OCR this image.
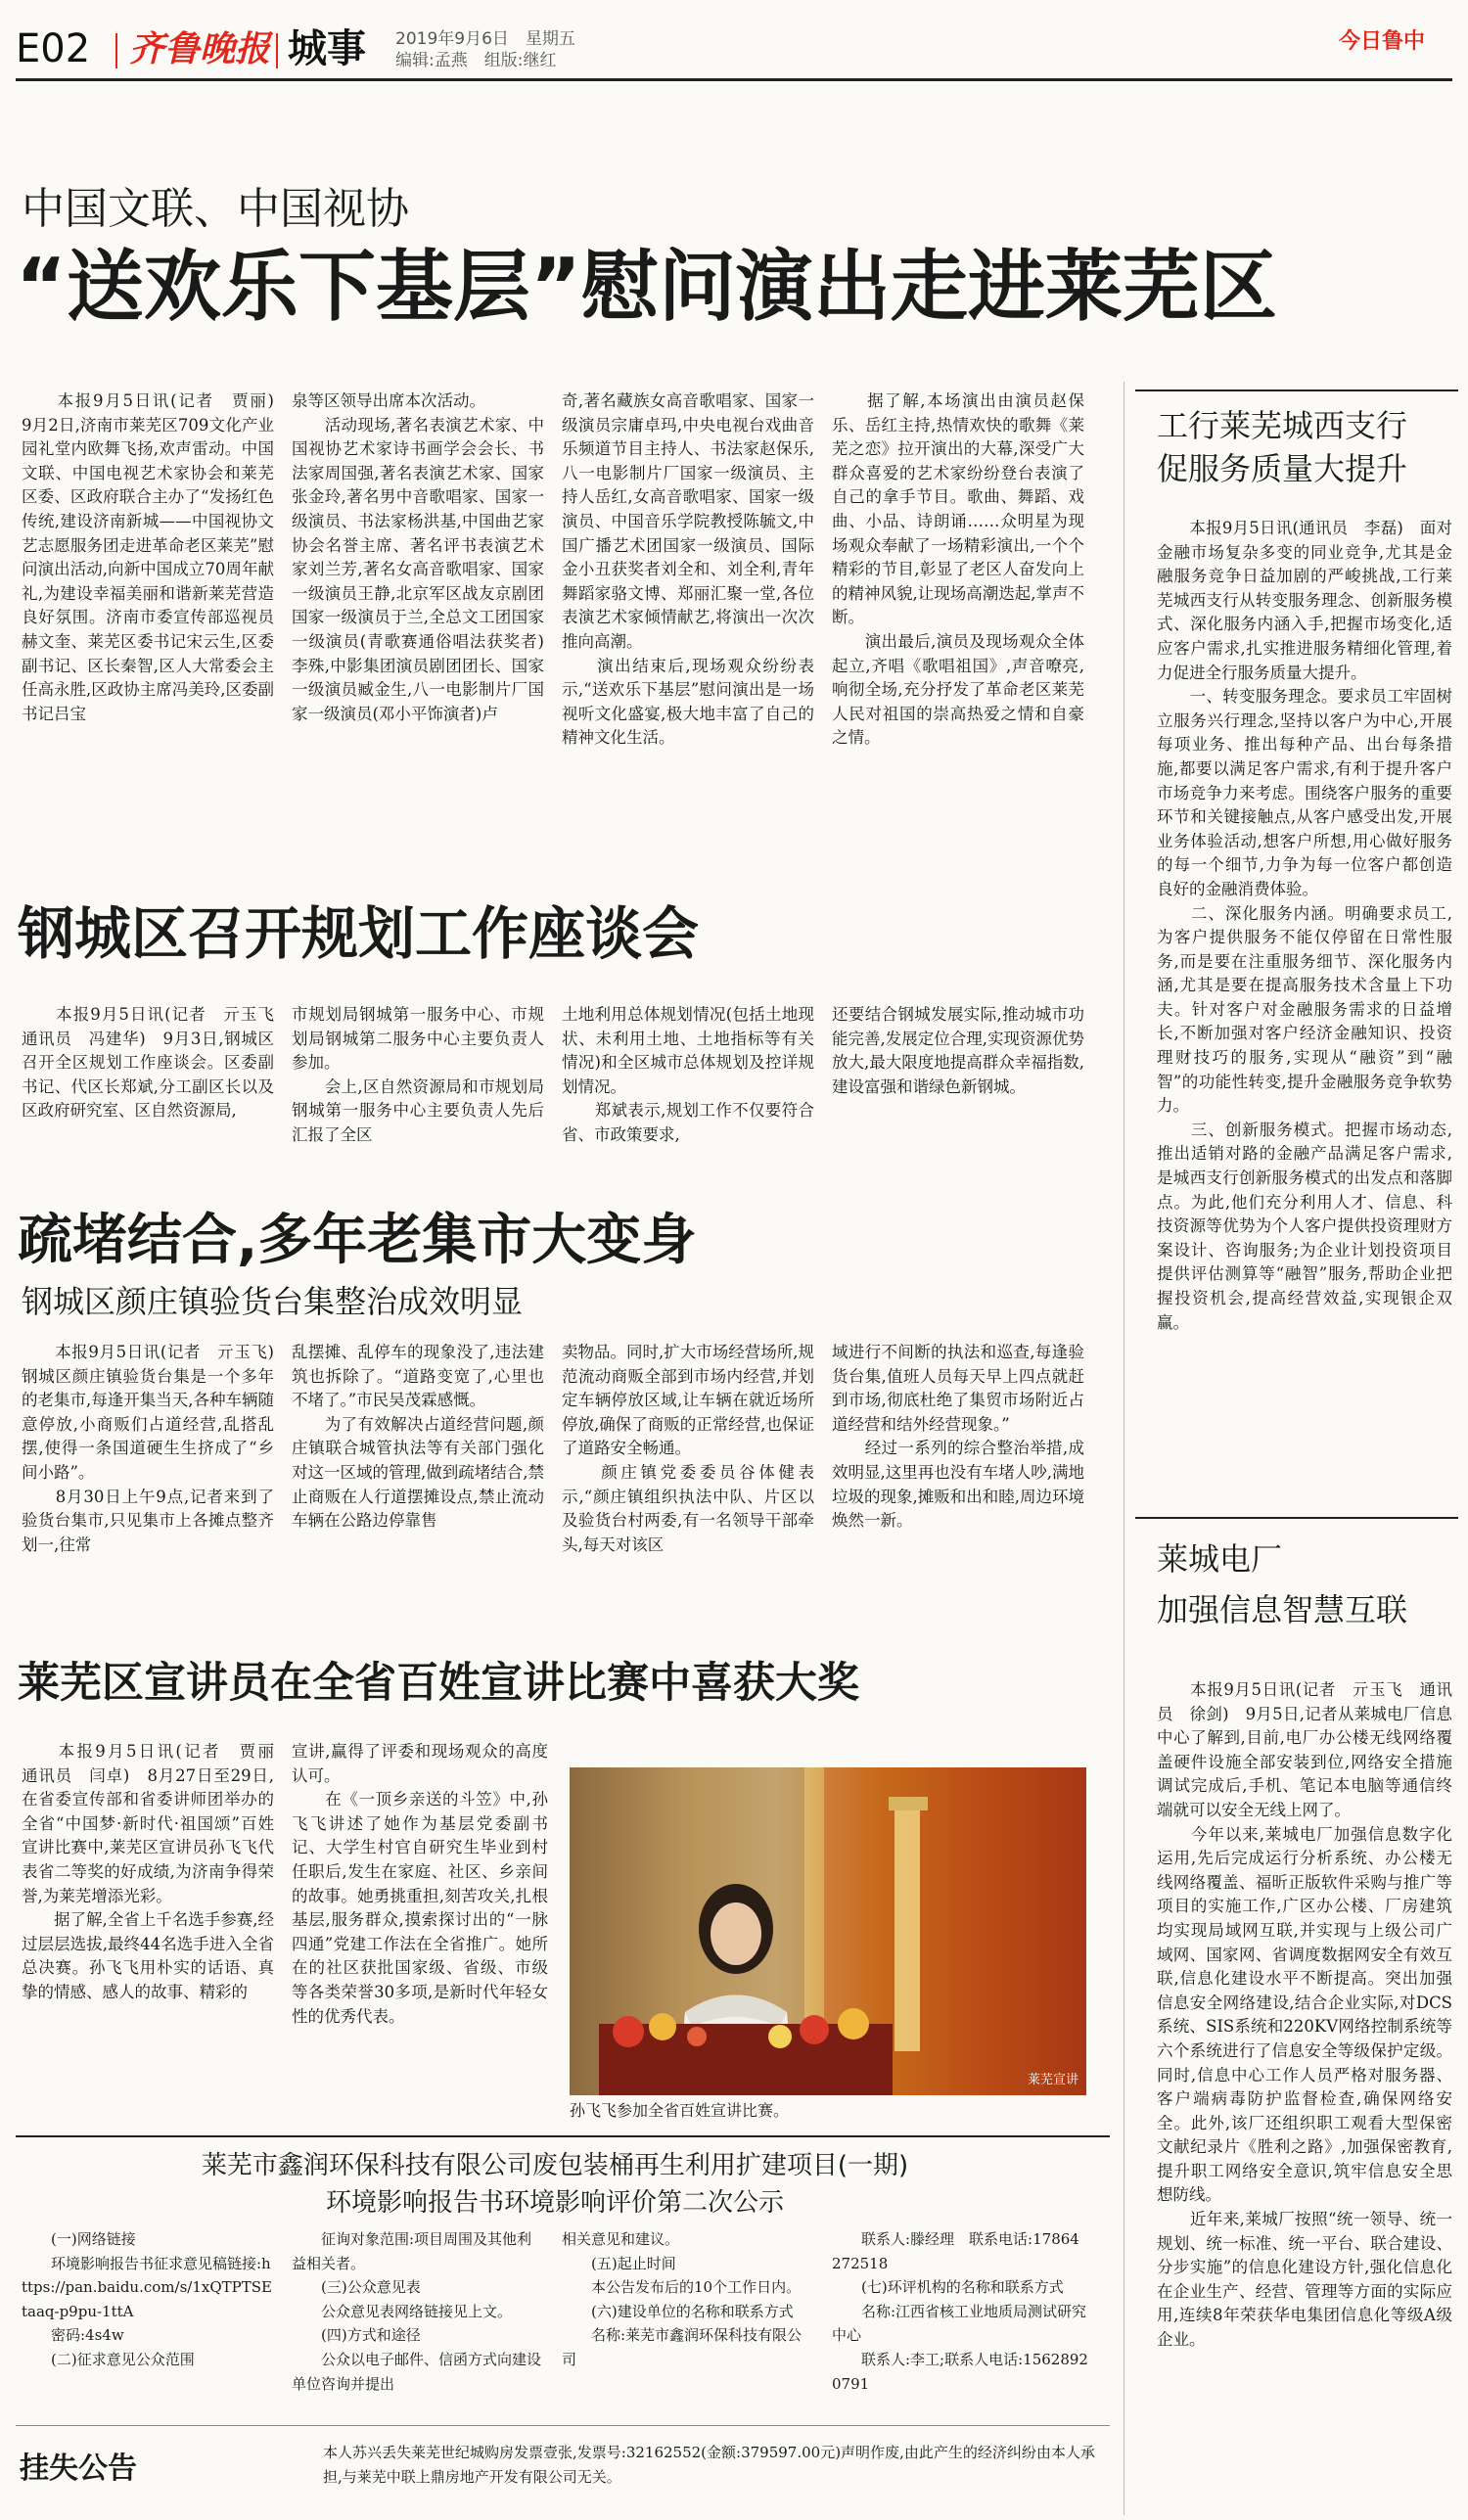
E02 齐鲁晚报 城事 2019年9月6日　星期五
编辑:孟燕　组版:继红
今日鲁中
中国文联、中国视协
“送欢乐下基层”慰问演出走进莱芜区
　　本报9月5日讯(记者　贾丽)　9月2日,济南市莱芜区709文化产业园礼堂内欧舞飞扬,欢声雷动。中国文联、中国电视艺术家协会和莱芜区委、区政府联合主办了“发扬红色传统,建设济南新城——中国视协文艺志愿服务团走进革命老区莱芜”慰问演出活动,向新中国成立70周年献礼,为建设幸福美丽和谐新莱芜营造良好氛围。济南市委宣传部巡视员赫文奎、莱芜区委书记宋云生,区委副书记、区长秦智,区人大常委会主任高永胜,区政协主席冯美玲,区委副书记吕宝
泉等区领导出席本次活动。
　　活动现场,著名表演艺术家、中国视协艺术家诗书画学会会长、书法家周国强,著名表演艺术家、国家张金玲,著名男中音歌唱家、国家一级演员、书法家杨洪基,中国曲艺家协会名誉主席、著名评书表演艺术家刘兰芳,著名女高音歌唱家、国家一级演员王静,北京军区战友京剧团国家一级演员于兰,全总文工团国家一级演员(青歌赛通俗唱法获奖者)李殊,中影集团演员剧团团长、国家一级演员臧金生,八一电影制片厂国家一级演员(邓小平饰演者)卢
奇,著名藏族女高音歌唱家、国家一级演员宗庸卓玛,中央电视台戏曲音乐频道节目主持人、书法家赵保乐,八一电影制片厂国家一级演员、主持人岳红,女高音歌唱家、国家一级演员、中国音乐学院教授陈毓文,中国广播艺术团国家一级演员、国际金小丑获奖者刘全和、刘全利,青年舞蹈家骆文博、郑丽汇聚一堂,各位表演艺术家倾情献艺,将演出一次次推向高潮。
　　演出结束后,现场观众纷纷表示,“送欢乐下基层”慰问演出是一场视听文化盛宴,极大地丰富了自己的精神文化生活。
　　据了解,本场演出由演员赵保乐、岳红主持,热情欢快的歌舞《莱芜之恋》拉开演出的大幕,深受广大群众喜爱的艺术家纷纷登台表演了自己的拿手节目。歌曲、舞蹈、戏曲、小品、诗朗诵……众明星为现场观众奉献了一场精彩演出,一个个精彩的节目,彰显了老区人奋发向上的精神风貌,让现场高潮迭起,掌声不断。
　　演出最后,演员及现场观众全体起立,齐唱《歌唱祖国》,声音嘹亮,响彻全场,充分抒发了革命老区莱芜人民对祖国的崇高热爱之情和自豪之情。
钢城区召开规划工作座谈会
　　本报9月5日讯(记者　亓玉飞　通讯员　冯建华)　9月3日,钢城区召开全区规划工作座谈会。区委副书记、代区长郑斌,分工副区长以及区政府研究室、区自然资源局,
市规划局钢城第一服务中心、市规划局钢城第二服务中心主要负责人参加。
　　会上,区自然资源局和市规划局钢城第一服务中心主要负责人先后汇报了全区
土地利用总体规划情况(包括土地现状、未利用土地、土地指标等有关情况)和全区城市总体规划及控详规划情况。
　　郑斌表示,规划工作不仅要符合省、市政策要求,
还要结合钢城发展实际,推动城市功能完善,发展定位合理,实现资源优势放大,最大限度地提高群众幸福指数,建设富强和谐绿色新钢城。
疏堵结合,多年老集市大变身
钢城区颜庄镇验货台集整治成效明显
　　本报9月5日讯(记者　亓玉飞)　钢城区颜庄镇验货台集是一个多年的老集市,每逢开集当天,各种车辆随意停放,小商贩们占道经营,乱搭乱摆,使得一条国道硬生生挤成了“乡间小路”。
　　8月30日上午9点,记者来到了验货台集市,只见集市上各摊点整齐划一,往常
乱摆摊、乱停车的现象没了,违法建筑也拆除了。“道路变宽了,心里也不堵了。”市民吴茂霖感慨。
　　为了有效解决占道经营问题,颜庄镇联合城管执法等有关部门强化对这一区域的管理,做到疏堵结合,禁止商贩在人行道摆摊设点,禁止流动车辆在公路边停靠售
卖物品。同时,扩大市场经营场所,规范流动商贩全部到市场内经营,并划定车辆停放区域,让车辆在就近场所停放,确保了商贩的正常经营,也保证了道路安全畅通。
　　颜庄镇党委委员谷体健表示,“颜庄镇组织执法中队、片区以及验货台村两委,有一名领导干部牵头,每天对该区
域进行不间断的执法和巡查,每逢验货台集,值班人员每天早上四点就赶到市场,彻底杜绝了集贸市场附近占道经营和结外经营现象。”
　　经过一系列的综合整治举措,成效明显,这里再也没有车堵人吵,满地垃圾的现象,摊贩和出和睦,周边环境焕然一新。
莱芜区宣讲员在全省百姓宣讲比赛中喜获大奖
　　本报9月5日讯(记者　贾丽　通讯员　闫卓)　8月27日至29日,在省委宣传部和省委讲师团举办的全省“中国梦·新时代·祖国颂”百姓宣讲比赛中,莱芜区宣讲员孙飞飞代表省二等奖的好成绩,为济南争得荣誉,为莱芜增添光彩。
　　据了解,全省上千名选手参赛,经过层层选拔,最终44名选手进入全省总决赛。孙飞飞用朴实的话语、真挚的情感、感人的故事、精彩的
宣讲,赢得了评委和现场观众的高度认可。
　　在《一顶乡亲送的斗笠》中,孙飞飞讲述了她作为基层党委副书记、大学生村官自研究生毕业到村任职后,发生在家庭、社区、乡亲间的故事。她勇挑重担,刻苦攻关,扎根基层,服务群众,摸索探讨出的“一脉四通”党建工作法在全省推广。她所在的社区获批国家级、省级、市级等各类荣誉30多项,是新时代年轻女性的优秀代表。
莱芜宣讲
孙飞飞参加全省百姓宣讲比赛。
工行莱芜城西支行
促服务质量大提升
　　本报9月5日讯(通讯员　李磊)　面对金融市场复杂多变的同业竞争,尤其是金融服务竞争日益加剧的严峻挑战,工行莱芜城西支行从转变服务理念、创新服务模式、深化服务内涵入手,把握市场变化,适应客户需求,扎实推进服务精细化管理,着力促进全行服务质量大提升。
　　一、转变服务理念。要求员工牢固树立服务兴行理念,坚持以客户为中心,开展每项业务、推出每种产品、出台每条措施,都要以满足客户需求,有利于提升客户市场竞争力来考虑。围绕客户服务的重要环节和关键接触点,从客户感受出发,开展业务体验活动,想客户所想,用心做好服务的每一个细节,力争为每一位客户都创造良好的金融消费体验。
　　二、深化服务内涵。明确要求员工,为客户提供服务不能仅停留在日常性服务,而是要在注重服务细节、深化服务内涵,尤其是要在提高服务技术含量上下功夫。针对客户对金融服务需求的日益增长,不断加强对客户经济金融知识、投资理财技巧的服务,实现从“融资”到“融智”的功能性转变,提升金融服务竞争软势力。
　　三、创新服务模式。把握市场动态,推出适销对路的金融产品满足客户需求,是城西支行创新服务模式的出发点和落脚点。为此,他们充分利用人才、信息、科技资源等优势为个人客户提供投资理财方案设计、咨询服务;为企业计划投资项目提供评估测算等“融智”服务,帮助企业把握投资机会,提高经营效益,实现银企双赢。
莱城电厂
加强信息智慧互联
　　本报9月5日讯(记者　亓玉飞　通讯员　徐剑)　9月5日,记者从莱城电厂信息中心了解到,目前,电厂办公楼无线网络覆盖硬件设施全部安装到位,网络安全措施调试完成后,手机、笔记本电脑等通信终端就可以安全无线上网了。
　　今年以来,莱城电厂加强信息数字化运用,先后完成运行分析系统、办公楼无线网络覆盖、福昕正版软件采购与推广等项目的实施工作,广区办公楼、厂房建筑均实现局域网互联,并实现与上级公司广域网、国家网、省调度数据网安全有效互联,信息化建设水平不断提高。突出加强信息安全网络建设,结合企业实际,对DCS系统、SIS系统和220KV网络控制系统等六个系统进行了信息安全等级保护定级。同时,信息中心工作人员严格对服务器、客户端病毒防护监督检查,确保网络安全。此外,该厂还组织职工观看大型保密文献纪录片《胜利之路》,加强保密教育,提升职工网络安全意识,筑牢信息安全思想防线。
　　近年来,莱城厂按照“统一领导、统一规划、统一标准、统一平台、联合建设、分步实施”的信息化建设方针,强化信息化在企业生产、经营、管理等方面的实际应用,连续8年荣获华电集团信息化等级A级企业。
莱芜市鑫润环保科技有限公司废包装桶再生利用扩建项目(一期)
环境影响报告书环境影响评价第二次公示
　　(一)网络链接
　　环境影响报告书征求意见稿链接:https://pan.baidu.com/s/1xQTPTSEtaaq-p9pu-1ttA
　　密码:4s4w
　　(二)征求意见公众范围
　　征询对象范围:项目周围及其他利益相关者。
　　(三)公众意见表
　　公众意见表网络链接见上文。
　　(四)方式和途径
　　公众以电子邮件、信函方式向建设单位咨询并提出
相关意见和建议。
　　(五)起止时间
　　本公告发布后的10个工作日内。
　　(六)建设单位的名称和联系方式
　　名称:莱芜市鑫润环保科技有限公司
　　联系人:滕经理　联系电话:17864272518
　　(七)环评机构的名称和联系方式
　　名称:江西省核工业地质局测试研究中心
　　联系人:李工;联系人电话:15628920791
挂失公告	本人苏兴丢失莱芜世纪城购房发票壹张,发票号:32162552(金额:379597.00元)声明作废,由此产生的经济纠纷由本人承担,与莱芜中联上鼎房地产开发有限公司无关。
